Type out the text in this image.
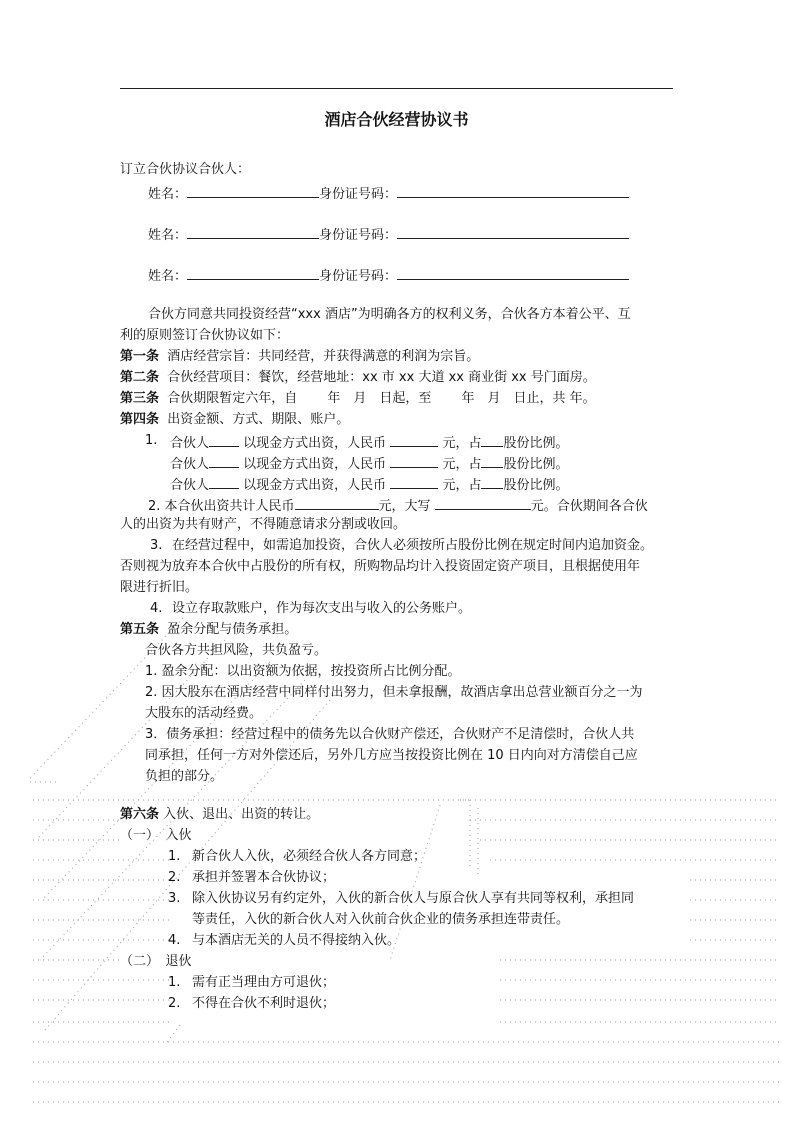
酒店合伙经营协议书
订立合伙协议合伙人：
姓名：	身份证号码：
姓名：	身份证号码：
姓名：	身份证号码：
合伙方同意共同投资经营“xxx 酒店”为明确各方的权利义务，合伙各方本着公平、互
利的原则签订合伙协议如下：
第一条 酒店经营宗旨：共同经营，并获得满意的利润为宗旨。
第二条 合伙经营项目：餐饮，经营地址：xx 市 xx 大道 xx 商业街 xx 号门面房。
第三条 合伙期限暂定六年，自　　 年　月　日起，至　　 年　月　日止，共 年。
第四条 出资金额、方式、期限、账户。
1. 合伙人	以现金方式出资，人民币	元，占 股份比例。
合伙人	以现金方式出资，人民币	元，占 股份比例。
合伙人	以现金方式出资，人民币	元，占 股份比例。
2. 本合伙出资共计人民币	元，大写	元。合伙期间各合伙
人的出资为共有财产，不得随意请求分割或收回。
3. 在经营过程中，如需追加投资，合伙人必须按所占股份比例在规定时间内追加资金。
否则视为放弃本合伙中占股份的所有权，所购物品均计入投资固定资产项目，且根据使用年
限进行折旧。
4. 设立存取款账户，作为每次支出与收入的公务账户。
第五条 盈余分配与债务承担。
合伙各方共担风险，共负盈亏。
1. 盈余分配：以出资额为依据，按投资所占比例分配。
2. 因大股东在酒店经营中同样付出努力，但未拿报酬，故酒店拿出总营业额百分之一为
大股东的活动经费。
3．债务承担：经营过程中的债务先以合伙财产偿还，合伙财产不足清偿时，合伙人共
同承担，任何一方对外偿还后，另外几方应当按投资比例在 10 日内向对方清偿自己应
负担的部分。
第六条 入伙、退出、出资的转让。
（一）　入伙
1. 新合伙人入伙，必须经合伙人各方同意；
2. 承担并签署本合伙协议；
3. 除入伙协议另有约定外，入伙的新合伙人与原合伙人享有共同等权利，承担同
等责任，入伙的新合伙人对入伙前合伙企业的债务承担连带责任。
4. 与本酒店无关的人员不得接纳入伙。
（二）　退伙
1. 需有正当理由方可退伙；
2. 不得在合伙不利时退伙；
